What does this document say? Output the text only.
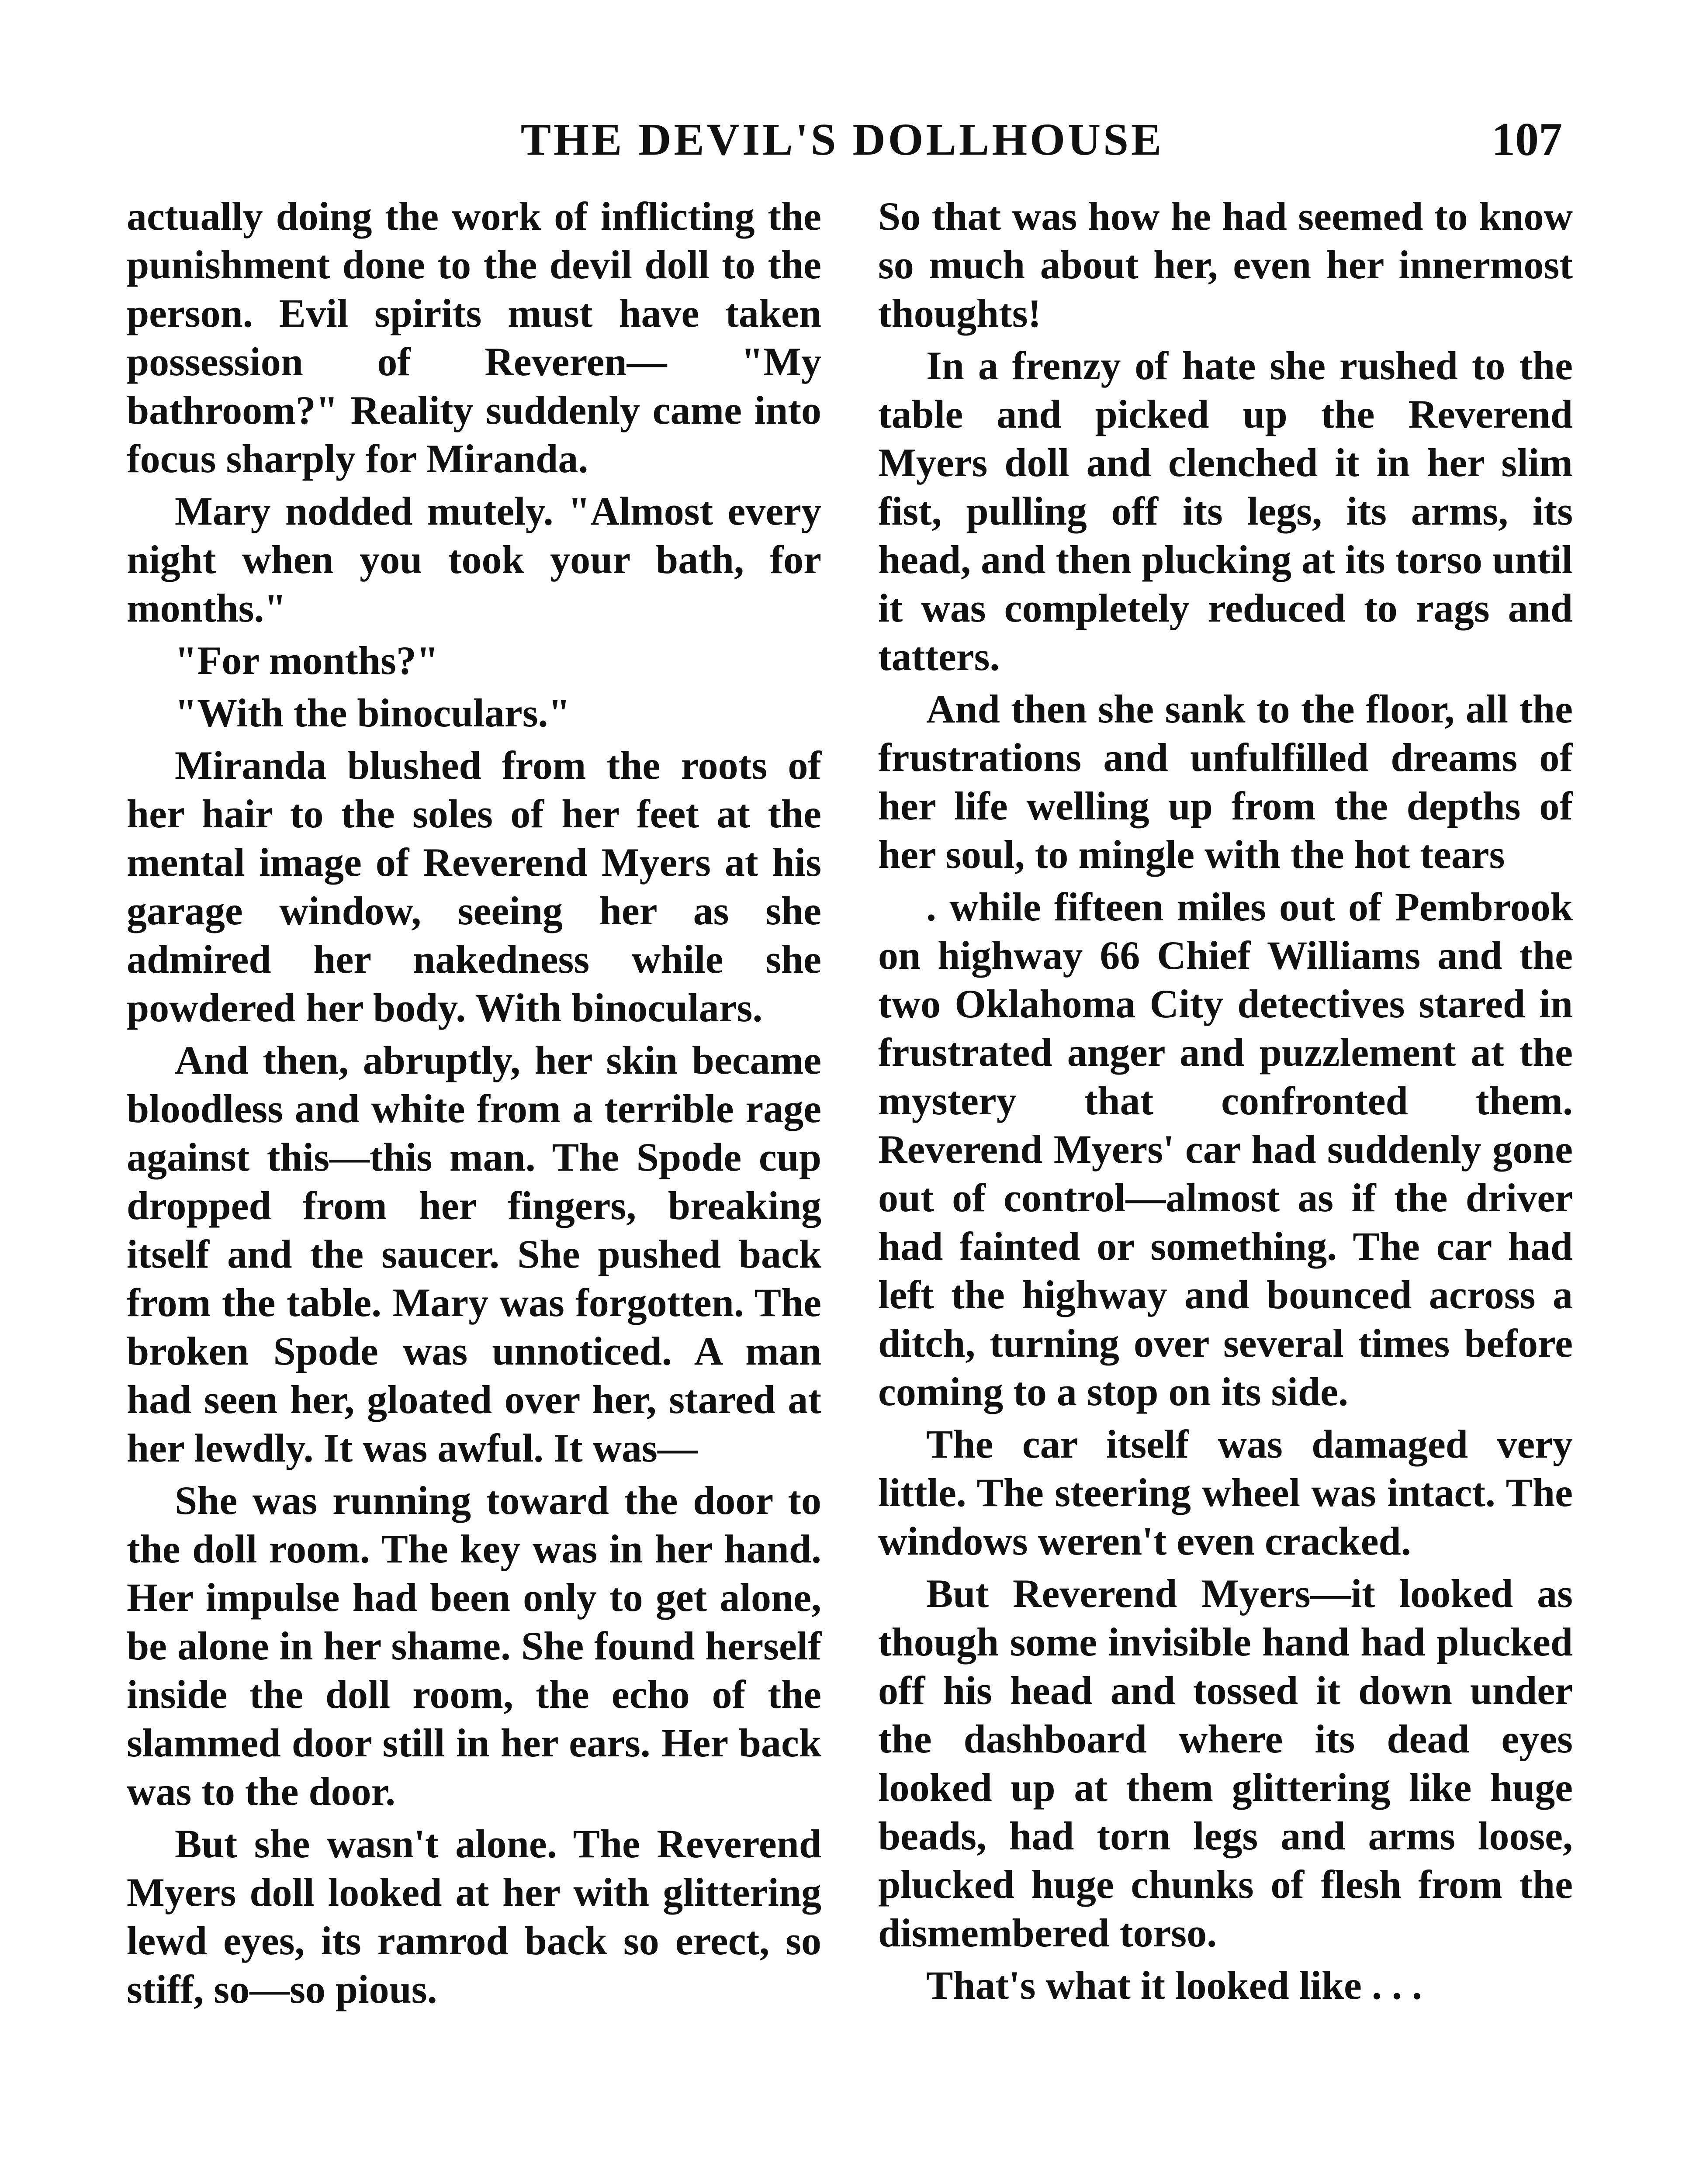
THE DEVIL'S DOLLHOUSE	107

actually doing the work of inflicting the punishment done to the devil doll to the person. Evil spirits must have taken possession of Reveren— "My bathroom?" Reality suddenly came into focus sharply for Miranda.

Mary nodded mutely. "Almost every night when you took your bath, for months."

"For months?"

"With the binoculars."

Miranda blushed from the roots of her hair to the soles of her feet at the mental image of Reverend Myers at his garage window, seeing her as she admired her nakedness while she powdered her body. With binoculars.

And then, abruptly, her skin became bloodless and white from a terrible rage against this—this man. The Spode cup dropped from her fingers, breaking itself and the saucer. She pushed back from the table. Mary was forgotten. The broken Spode was unnoticed. A man had seen her, gloated over her, stared at her lewdly. It was awful. It was—

She was running toward the door to the doll room. The key was in her hand. Her impulse had been only to get alone, be alone in her shame. She found herself inside the doll room, the echo of the slammed door still in her ears. Her back was to the door.

But she wasn't alone. The Reverend Myers doll looked at her with glittering lewd eyes, its ramrod back so erect, so stiff, so—so pious.

So that was how he had seemed to know so much about her, even her innermost thoughts!

In a frenzy of hate she rushed to the table and picked up the Reverend Myers doll and clenched it in her slim fist, pulling off its legs, its arms, its head, and then plucking at its torso until it was completely reduced to rags and tatters.

And then she sank to the floor, all the frustrations and unfulfilled dreams of her life welling up from the depths of her soul, to mingle with the hot tears

. while fifteen miles out of Pembrook on highway 66 Chief Williams and the two Oklahoma City detectives stared in frustrated anger and puzzlement at the mystery that confronted them. Reverend Myers' car had suddenly gone out of control—almost as if the driver had fainted or something. The car had left the highway and bounced across a ditch, turning over several times before coming to a stop on its side.

The car itself was damaged very little. The steering wheel was intact. The windows weren't even cracked.

But Reverend Myers—it looked as though some invisible hand had plucked off his head and tossed it down under the dashboard where its dead eyes looked up at them glittering like huge beads, had torn legs and arms loose, plucked huge chunks of flesh from the dismembered torso.

That's what it looked like . . .
